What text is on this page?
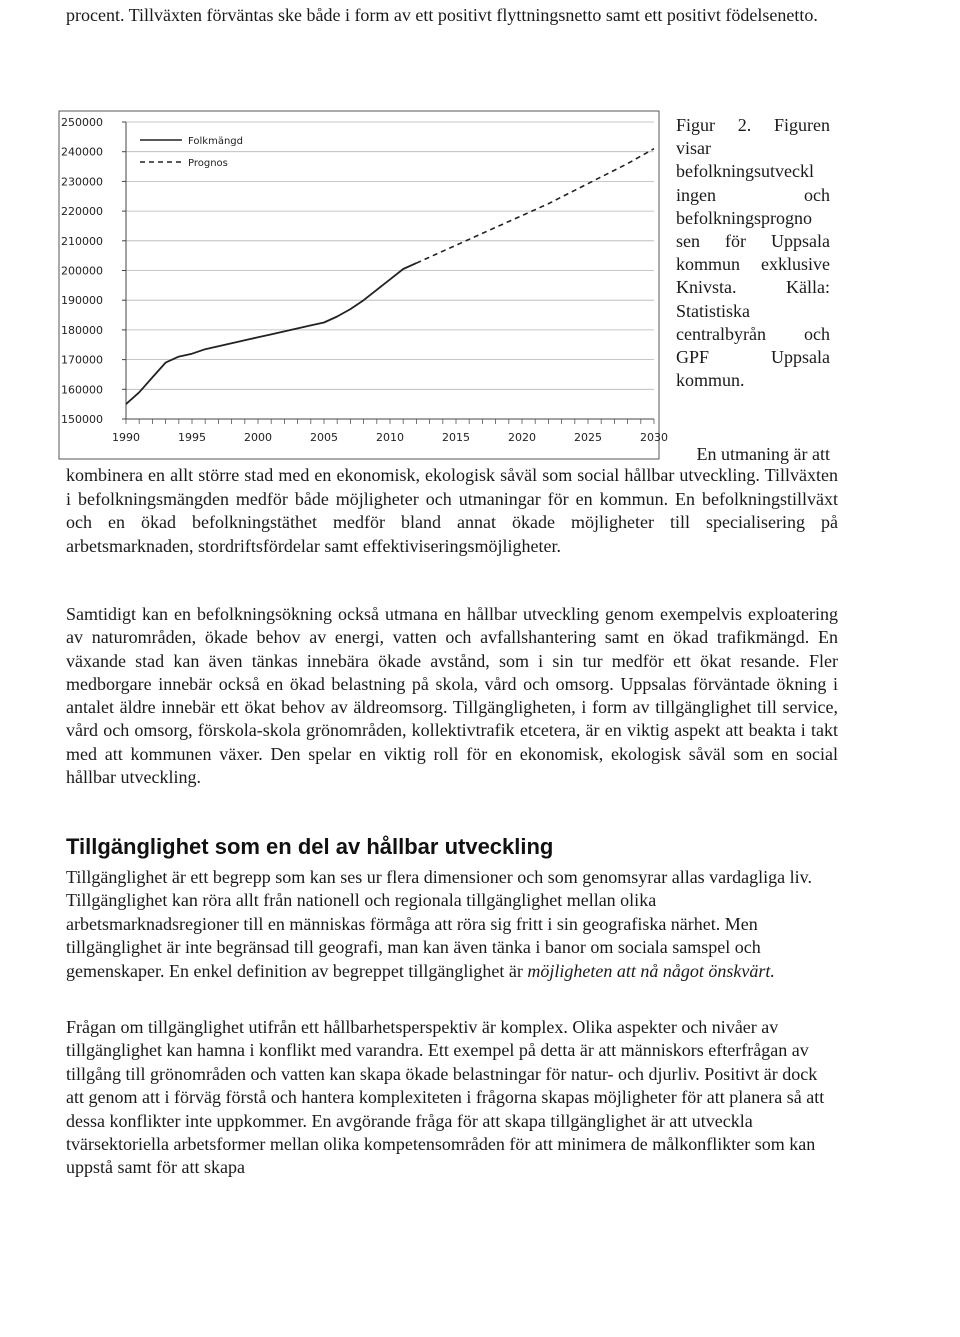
procent. Tillväxten förväntas ske både i form av ett positivt flyttningsnetto samt ett positivt födelsenetto.
150000
160000
170000
180000
190000
200000
210000
220000
230000
240000
250000
1990	1995	2000	2005	2010	2015	2020	2025	2030
Folkmängd
Prognos
Figur 2. Figuren visar befolkningsutveckl ingen och befolkningsprogno sen för Uppsala kommun exklusive Knivsta. Källa: Statistiska centralbyrån och GPF Uppsala kommun.
En utmaning är att
kombinera en allt större stad med en ekonomisk, ekologisk såväl som social hållbar utveckling. Tillväxten i befolkningsmängden medför både möjligheter och utmaningar för en kommun. En befolkningstillväxt och en ökad befolkningstäthet medför bland annat ökade möjligheter till specialisering på arbetsmarknaden, stordriftsfördelar samt effektiviseringsmöjligheter.
Samtidigt kan en befolkningsökning också utmana en hållbar utveckling genom exempelvis exploatering av naturområden, ökade behov av energi, vatten och avfallshantering samt en ökad trafikmängd. En växande stad kan även tänkas innebära ökade avstånd, som i sin tur medför ett ökat resande. Fler medborgare innebär också en ökad belastning på skola, vård och omsorg. Uppsalas förväntade ökning i antalet äldre innebär ett ökat behov av äldreomsorg. Tillgängligheten, i form av tillgänglighet till service, vård och omsorg, förskola-skola grönområden, kollektivtrafik etcetera, är en viktig aspekt att beakta i takt med att kommunen växer. Den spelar en viktig roll för en ekonomisk, ekologisk såväl som en social hållbar utveckling.
Tillgänglighet som en del av hållbar utveckling
Tillgänglighet är ett begrepp som kan ses ur flera dimensioner och som genomsyrar allas vardagliga liv. Tillgänglighet kan röra allt från nationell och regionala tillgänglighet mellan olika arbetsmarknadsregioner till en människas förmåga att röra sig fritt i sin geografiska närhet. Men tillgänglighet är inte begränsad till geografi, man kan även tänka i banor om sociala samspel och gemenskaper. En enkel definition av begreppet tillgänglighet är möjligheten att nå något önskvärt.
Frågan om tillgänglighet utifrån ett hållbarhetsperspektiv är komplex. Olika aspekter och nivåer av tillgänglighet kan hamna i konflikt med varandra. Ett exempel på detta är att människors efterfrågan av tillgång till grönområden och vatten kan skapa ökade belastningar för natur- och djurliv. Positivt är dock att genom att i förväg förstå och hantera komplexiteten i frågorna skapas möjligheter för att planera så att dessa konflikter inte uppkommer. En avgörande fråga för att skapa tillgänglighet är att utveckla tvärsektoriella arbetsformer mellan olika kompetensområden för att minimera de målkonflikter som kan uppstå samt för att skapa
